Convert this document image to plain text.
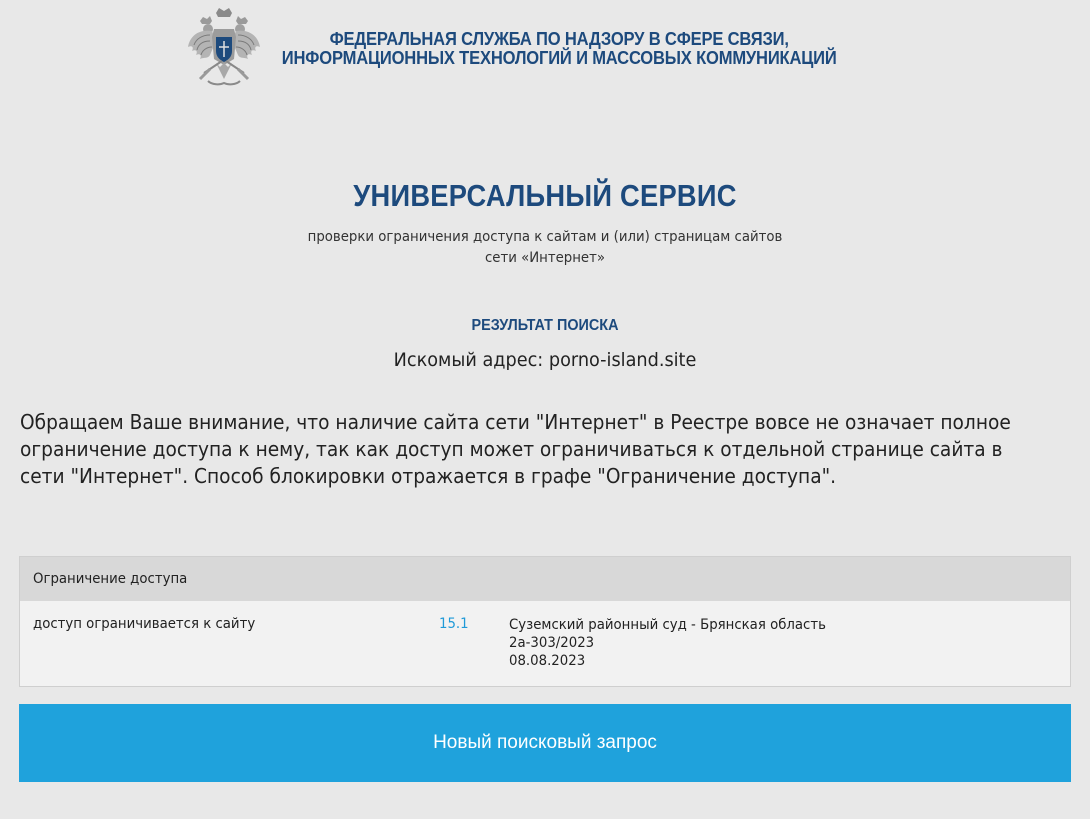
ФЕДЕРАЛЬНАЯ СЛУЖБА ПО НАДЗОРУ В СФЕРЕ СВЯЗИ,
ИНФОРМАЦИОННЫХ ТЕХНОЛОГИЙ И МАССОВЫХ КОММУНИКАЦИЙ
УНИВЕРСАЛЬНЫЙ СЕРВИС
проверки ограничения доступа к сайтам и (или) страницам сайтов
сети «Интернет»
РЕЗУЛЬТАТ ПОИСКА
Искомый адрес: porno-island.site
Обращаем Ваше внимание, что наличие сайта сети "Интернет" в Реестре вовсе не означает полное ограничение доступа к нему, так как доступ может ограничиваться к отдельной странице сайта в сети "Интернет". Способ блокировки отражается в графе "Ограничение доступа".
Ограничение доступа
доступ ограничивается к сайту	15.1	Суземский районный суд - Брянская область
2а-303/2023
08.08.2023
Новый поисковый запрос
